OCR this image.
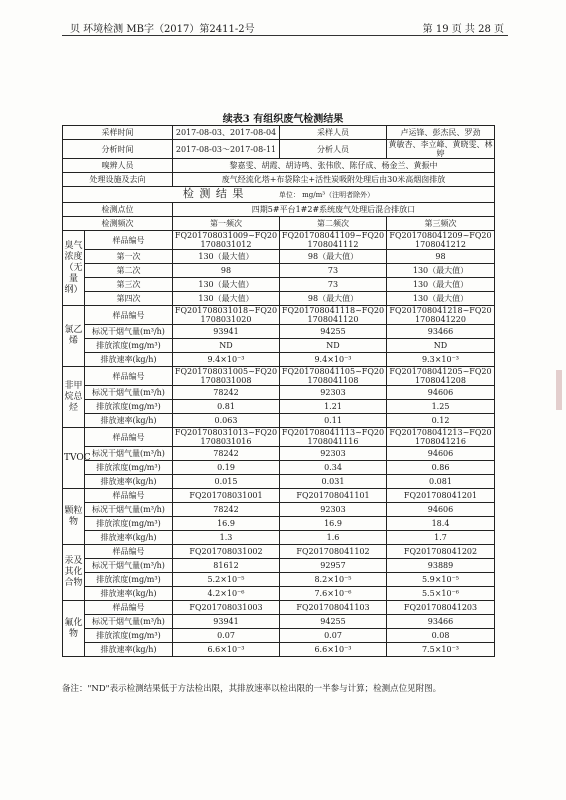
贝 环境检测 MB字（2017）第2411-2号	第 19 页 共 28 页
续表3 有组织废气检测结果
采样时间		2017-08-03、2017-08-04	采样人员	卢运锋、彭杰民、罗劲
分析时间		2017-08-03～2017-08-11	分析人员	黄敏杏、李立峰、黄晓雯、林婷
嗅辨人员		黎嘉雯、胡霞、胡诗鸣、张伟欣、陈仔成、杨金兰、黄振中		
处理设施及去向		废气经流化塔+布袋除尘+活性炭吸附处理后由30米高烟囱排放		
检 测 结 果 单位： mg/m³（注明者除外）				
检测点位		四期5#平台1#2#系统废气处理后混合排放口		
检测频次		第一频次	第二频次	第三频次
臭气浓度（无量纲）	样品编号	FQ201708031009~FQ201708031012	FQ201708041109~FQ201708041112	FQ201708041209~FQ201708041212
	第一次	130（最大值）	98（最大值）	98
	第二次	98	73	130（最大值）
	第三次	130（最大值）	73	130（最大值）
	第四次	130（最大值）	98（最大值）	130（最大值）
氯乙烯	样品编号	FQ201708031018~FQ201708031020	FQ201708041118~FQ201708041120	FQ201708041218~FQ201708041220
	标况干烟气量(m³/h)	93941	94255	93466
	排放浓度(mg/m³)	ND	ND	ND
	排放速率(kg/h)	9.4×10⁻³	9.4×10⁻³	9.3×10⁻³
非甲烷总烃	样品编号	FQ201708031005~FQ201708031008	FQ201708041105~FQ201708041108	FQ201708041205~FQ201708041208
	标况干烟气量(m³/h)	78242	92303	94606
	排放浓度(mg/m³)	0.81	1.21	1.25
	排放速率(kg/h)	0.063	0.11	0.12
TVOC	样品编号	FQ201708031013~FQ201708031016	FQ201708041113~FQ201708041116	FQ201708041213~FQ201708041216
	标况干烟气量(m³/h)	78242	92303	94606
	排放浓度(mg/m³)	0.19	0.34	0.86
	排放速率(kg/h)	0.015	0.031	0.081
颗粒物	样品编号	FQ201708031001	FQ201708041101	FQ201708041201
	标况干烟气量(m³/h)	78242	92303	94606
	排放浓度(mg/m³)	16.9	16.9	18.4
	排放速率(kg/h)	1.3	1.6	1.7
汞及其化合物	样品编号	FQ201708031002	FQ201708041102	FQ201708041202
	标况干烟气量(m³/h)	81612	92957	93889
	排放浓度(mg/m³)	5.2×10⁻⁵	8.2×10⁻⁵	5.9×10⁻⁵
	排放速率(kg/h)	4.2×10⁻⁶	7.6×10⁻⁶	5.5×10⁻⁶
氟化物	样品编号	FQ201708031003	FQ201708041103	FQ201708041203
	标况干烟气量(m³/h)	93941	94255	93466
	排放浓度(mg/m³)	0.07	0.07	0.08
	排放速率(kg/h)	6.6×10⁻³	6.6×10⁻³	7.5×10⁻³
备注："ND"表示检测结果低于方法检出限，其排放速率以检出限的一半参与计算；检测点位见附图。
